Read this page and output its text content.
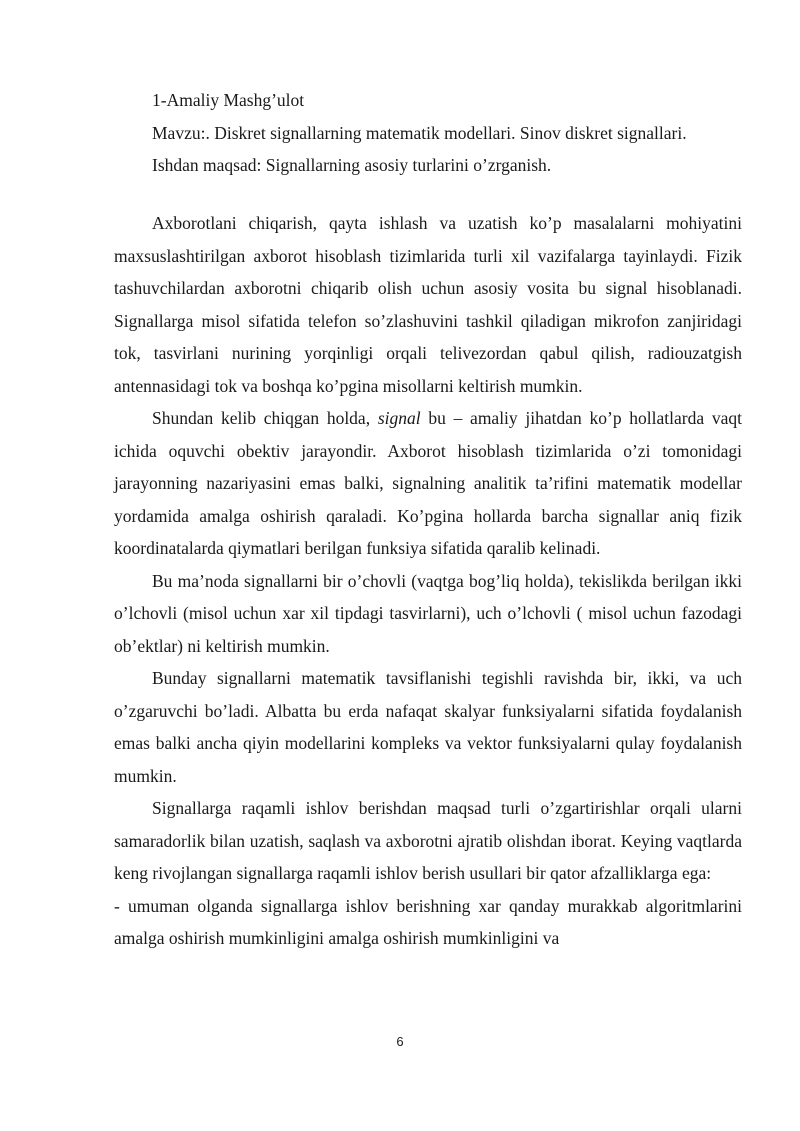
1-Amaliy Mashg’ulot

Mavzu:. Diskret signallarning matematik modellari. Sinov diskret signallari.

Ishdan maqsad: Signallarning asosiy turlarini o’zrganish.

Axborotlani chiqarish, qayta ishlash va uzatish ko’p masalalarni mohiyatini maxsuslashtirilgan axborot hisoblash tizimlarida turli xil vazifalarga tayinlaydi. Fizik tashuvchilardan axborotni chiqarib olish uchun asosiy vosita bu signal hisoblanadi. Signallarga misol sifatida telefon so’zlashuvini tashkil qiladigan mikrofon zanjiridagi tok, tasvirlani nurining yorqinligi orqali telivezordan qabul qilish, radiouzatgish antennasidagi tok va boshqa ko’pgina misollarni keltirish mumkin.

Shundan kelib chiqgan holda, signal bu – amaliy jihatdan ko’p hollatlarda vaqt ichida oquvchi obektiv jarayondir. Axborot hisoblash tizimlarida o’zi tomonidagi jarayonning nazariyasini emas balki, signalning analitik ta’rifini matematik modellar yordamida amalga oshirish qaraladi. Ko’pgina hollarda barcha signallar aniq fizik koordinatalarda qiymatlari berilgan funksiya sifatida qaralib kelinadi.

Bu ma’noda signallarni bir o’chovli (vaqtga bog’liq holda), tekislikda berilgan ikki o’lchovli (misol uchun xar xil tipdagi tasvirlarni), uch o’lchovli ( misol uchun fazodagi ob’ektlar) ni keltirish mumkin.

Bunday signallarni matematik tavsiflanishi tegishli ravishda bir, ikki, va uch o’zgaruvchi bo’ladi. Albatta bu erda nafaqat skalyar funksiyalarni sifatida foydalanish emas balki ancha qiyin modellarini kompleks va vektor funksiyalarni qulay foydalanish mumkin.

Signallarga raqamli ishlov berishdan maqsad turli o’zgartirishlar orqali ularni samaradorlik bilan uzatish, saqlash va axborotni ajratib olishdan iborat. Keying vaqtlarda keng rivojlangan signallarga raqamli ishlov berish usullari bir qator afzalliklarga ega:

- umuman olganda signallarga ishlov berishning xar qanday murakkab algoritmlarini amalga oshirish mumkinligini amalga oshirish mumkinligini va

6
